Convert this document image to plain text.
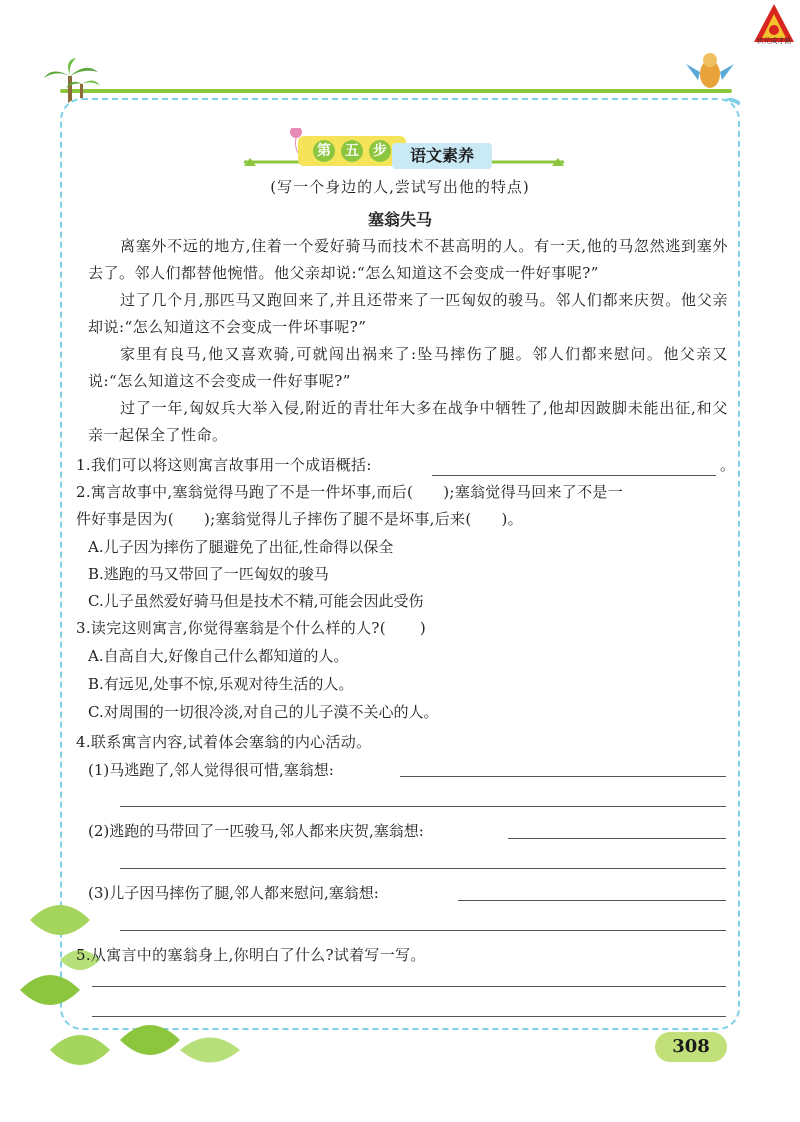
状元成才路
第 五 步	语文素养
(写一个身边的人,尝试写出他的特点)
塞翁失马
离塞外不远的地方,住着一个爱好骑马而技术不甚高明的人。有一天,他的马忽然逃到塞外去了。邻人们都替他惋惜。他父亲却说:“怎么知道这不会变成一件好事呢?”
过了几个月,那匹马又跑回来了,并且还带来了一匹匈奴的骏马。邻人们都来庆贺。他父亲却说:“怎么知道这不会变成一件坏事呢?”
家里有良马,他又喜欢骑,可就闯出祸来了:坠马摔伤了腿。邻人们都来慰问。他父亲又说:“怎么知道这不会变成一件好事呢?”
过了一年,匈奴兵大举入侵,附近的青壮年大多在战争中牺牲了,他却因跛脚未能出征,和父亲一起保全了性命。
1.我们可以将这则寓言故事用一个成语概括:	。
2.寓言故事中,塞翁觉得马跑了不是一件坏事,而后( );塞翁觉得马回来了不是一
件好事是因为( );塞翁觉得儿子摔伤了腿不是坏事,后来( )。
A.儿子因为摔伤了腿避免了出征,性命得以保全
B.逃跑的马又带回了一匹匈奴的骏马
C.儿子虽然爱好骑马但是技术不精,可能会因此受伤
3.读完这则寓言,你觉得塞翁是个什么样的人?( )
A.自高自大,好像自己什么都知道的人。
B.有远见,处事不惊,乐观对待生活的人。
C.对周围的一切很冷淡,对自己的儿子漠不关心的人。
4.联系寓言内容,试着体会塞翁的内心活动。
(1)马逃跑了,邻人觉得很可惜,塞翁想:
(2)逃跑的马带回了一匹骏马,邻人都来庆贺,塞翁想:
(3)儿子因马摔伤了腿,邻人都来慰问,塞翁想:
5.从寓言中的塞翁身上,你明白了什么?试着写一写。
308
